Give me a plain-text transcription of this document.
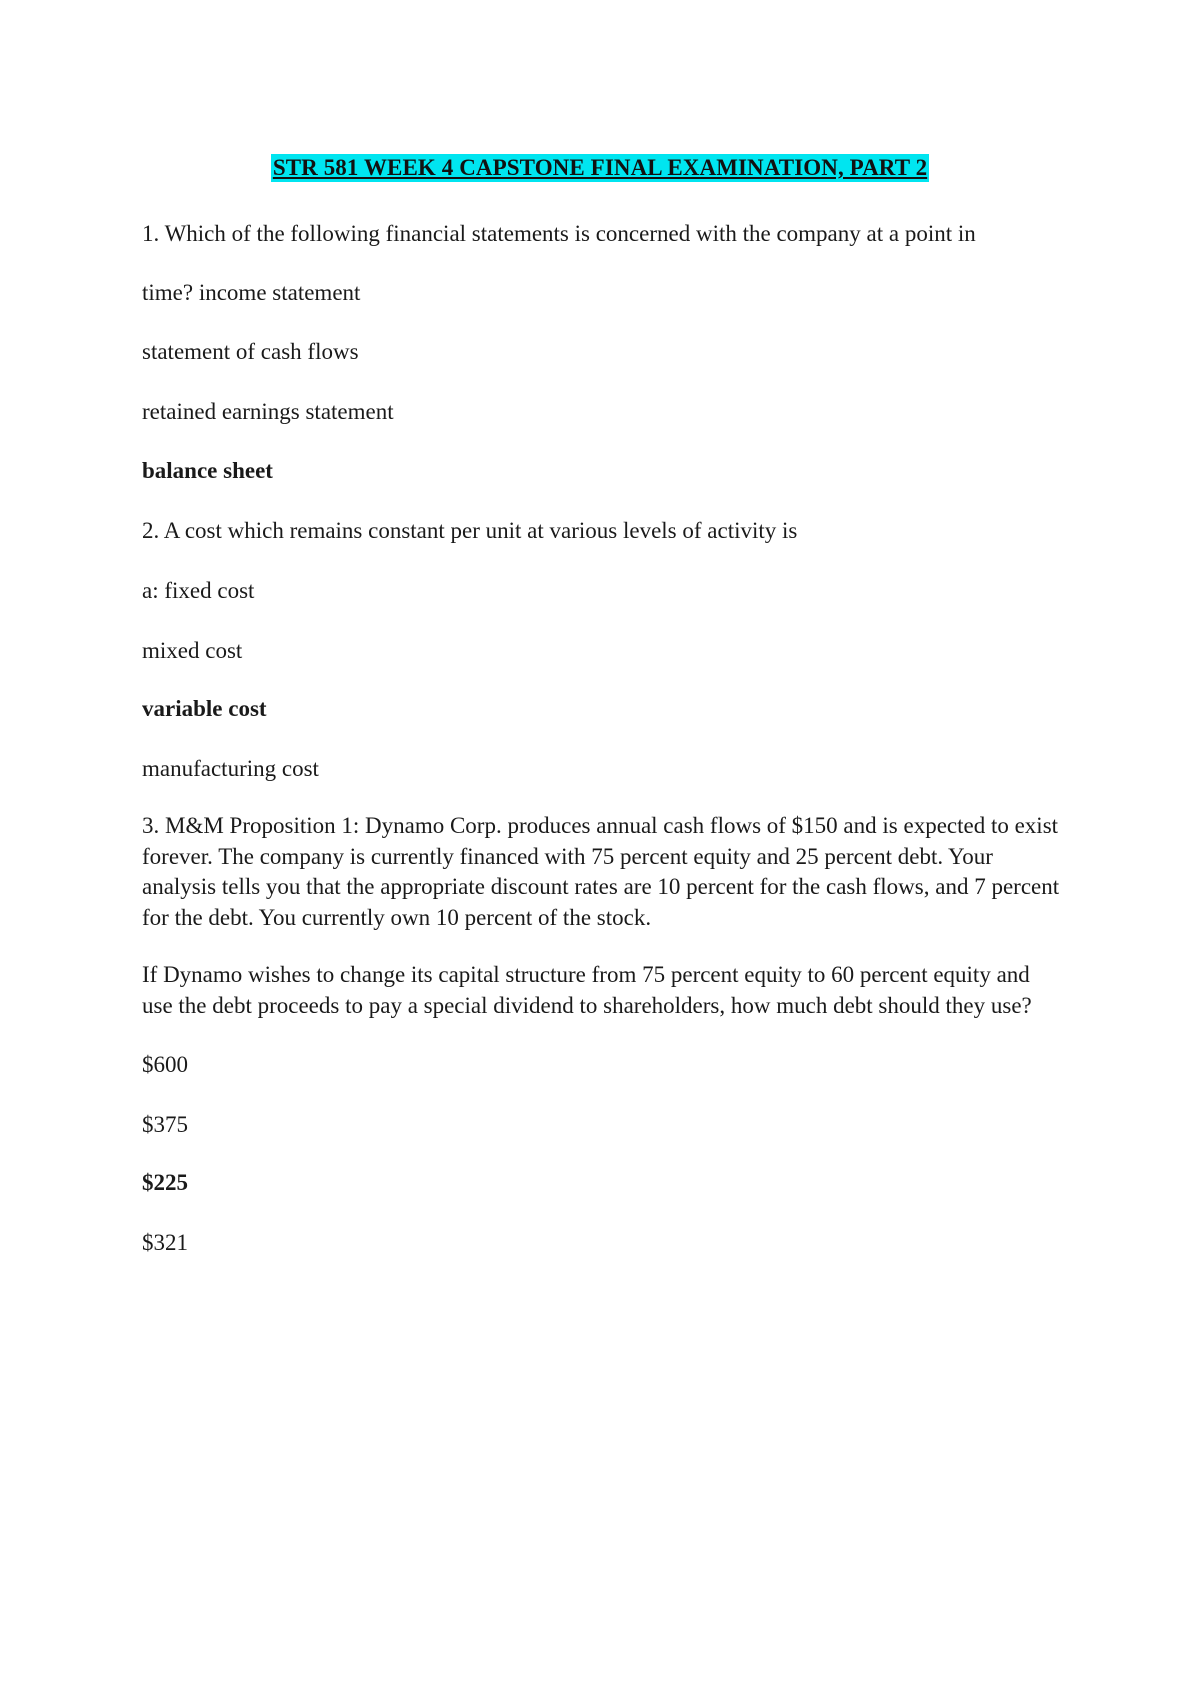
STR 581 WEEK 4 CAPSTONE FINAL EXAMINATION, PART 2
1. Which of the following financial statements is concerned with the company at a point in
time? income statement
statement of cash flows
retained earnings statement
balance sheet
2. A cost which remains constant per unit at various levels of activity is
a: fixed cost
mixed cost
variable cost
manufacturing cost
3. M&M Proposition 1: Dynamo Corp. produces annual cash flows of $150 and is expected to exist forever. The company is currently financed with 75 percent equity and 25 percent debt. Your analysis tells you that the appropriate discount rates are 10 percent for the cash flows, and 7 percent for the debt. You currently own 10 percent of the stock.
If Dynamo wishes to change its capital structure from 75 percent equity to 60 percent equity and use the debt proceeds to pay a special dividend to shareholders, how much debt should they use?
$600
$375
$225
$321
